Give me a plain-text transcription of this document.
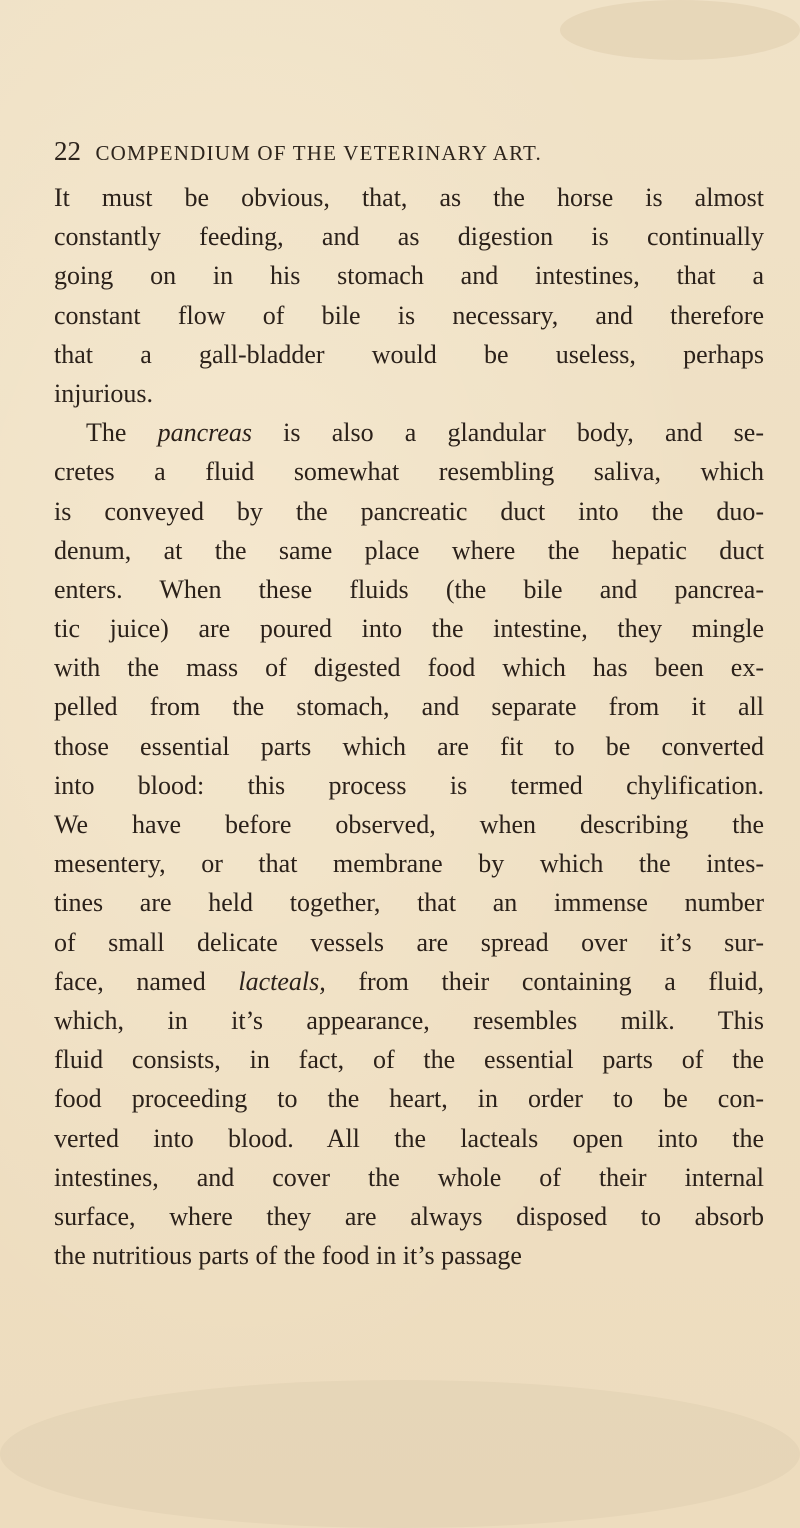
22 COMPENDIUM OF THE VETERINARY ART.
It must be obvious, that, as the horse is almost
constantly feeding, and as digestion is continually
going on in his stomach and intestines, that a
constant flow of bile is necessary, and therefore
that a gall-bladder would be useless, perhaps
injurious.
The pancreas is also a glandular body, and se-
cretes a fluid somewhat resembling saliva, which
is conveyed by the pancreatic duct into the duo-
denum, at the same place where the hepatic duct
enters. When these fluids (the bile and pancrea-
tic juice) are poured into the intestine, they mingle
with the mass of digested food which has been ex-
pelled from the stomach, and separate from it all
those essential parts which are fit to be converted
into blood: this process is termed chylification.
We have before observed, when describing the
mesentery, or that membrane by which the intes-
tines are held together, that an immense number
of small delicate vessels are spread over it’s sur-
face, named lacteals, from their containing a fluid,
which, in it’s appearance, resembles milk. This
fluid consists, in fact, of the essential parts of the
food proceeding to the heart, in order to be con-
verted into blood. All the lacteals open into the
intestines, and cover the whole of their internal
surface, where they are always disposed to absorb
the nutritious parts of the food in it’s passage
